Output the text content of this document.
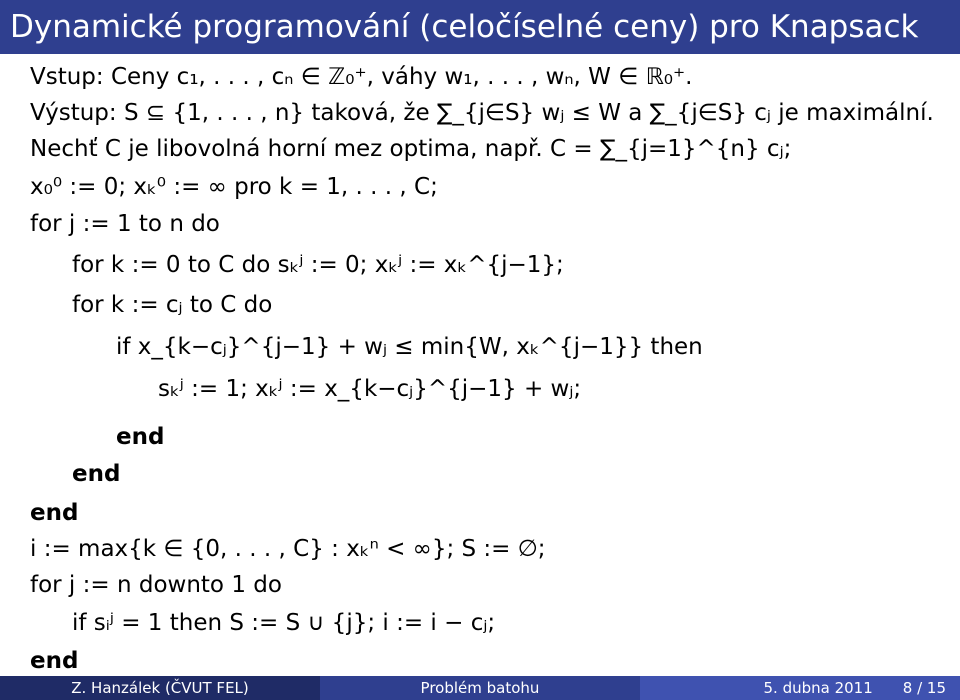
Dynamické programování (celočíselné ceny) pro Knapsack
Vstup: Ceny c₁, . . . , cₙ ∈ ℤ₀⁺, váhy w₁, . . . , wₙ, W ∈ ℝ₀⁺.
Výstup: S ⊆ {1, . . . , n} taková, že ∑_{j∈S} wⱼ ≤ W a ∑_{j∈S} cⱼ je maximální.
Nechť C je libovolná horní mez optima, např. C = ∑_{j=1}^{n} cⱼ;
x₀⁰ := 0; xₖ⁰ := ∞ pro k = 1, . . . , C;
for j := 1 to n do
for k := 0 to C do sₖʲ := 0; xₖʲ := xₖ^{j−1};
for k := cⱼ to C do
if x_{k−cⱼ}^{j−1} + wⱼ ≤ min{W, xₖ^{j−1}} then
sₖʲ := 1; xₖʲ := x_{k−cⱼ}^{j−1} + wⱼ;
end
end
end
i := max{k ∈ {0, . . . , C} : xₖⁿ < ∞}; S := ∅;
for j := n downto 1 do
if sᵢʲ = 1 then S := S ∪ {j}; i := i − cⱼ;
end
Z. Hanzálek (ČVUT FEL)	Problém batohu	5. dubna 2011 8 / 15
